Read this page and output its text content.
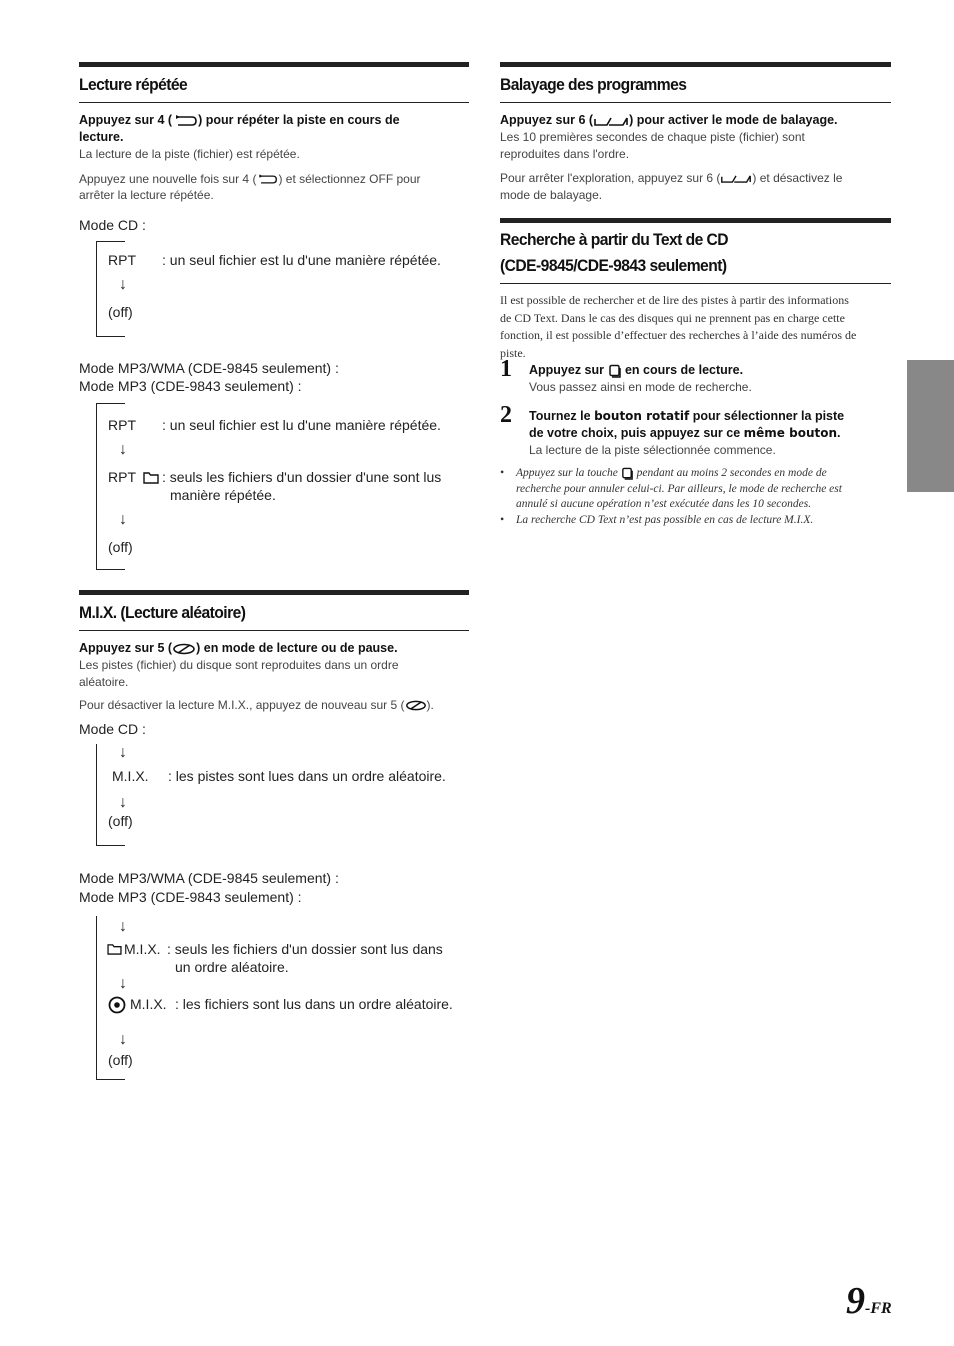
Lecture répétée
Appuyez sur 4 ( ) pour répéter la piste en cours de
lecture.
La lecture de la piste (fichier) est répétée.
Appuyez une nouvelle fois sur 4 ( ) et sélectionnez OFF pour
arrêter la lecture répétée.
Mode CD :
RPT : un seul fichier est lu d'une manière répétée.
↓
(off)
Mode MP3/WMA (CDE-9845 seulement) :
Mode MP3 (CDE-9843 seulement) :
RPT : un seul fichier est lu d'une manière répétée.
↓
RPT : seuls les fichiers d'un dossier d'une sont lus
manière répétée.
↓
(off)
M.I.X. (Lecture aléatoire)
Appuyez sur 5 ( ) en mode de lecture ou de pause.
Les pistes (fichier) du disque sont reproduites dans un ordre
aléatoire.
Pour désactiver la lecture M.I.X., appuyez de nouveau sur 5 ( ).
Mode CD :
↓
M.I.X. : les pistes sont lues dans un ordre aléatoire.
↓
(off)
Mode MP3/WMA (CDE-9845 seulement) :
Mode MP3 (CDE-9843 seulement) :
↓
M.I.X. : seuls les fichiers d'un dossier sont lus dans
un ordre aléatoire.
↓
M.I.X. : les fichiers sont lus dans un ordre aléatoire.
↓
(off)
Balayage des programmes
Appuyez sur 6 (	) pour activer le mode de balayage.
Les 10 premières secondes de chaque piste (fichier) sont
reproduites dans l'ordre.
Pour arrêter l'exploration, appuyez sur 6 (	) et désactivez le
mode de balayage.
Recherche à partir du Text de CD
(CDE-9845/CDE-9843 seulement)
Il est possible de rechercher et de lire des pistes à partir des informations
de CD Text. Dans le cas des disques qui ne prennent pas en charge cette
fonction, il est possible d’effectuer des recherches à l’aide des numéros de
piste.
1 Appuyez sur  en cours de lecture.
Vous passez ainsi en mode de recherche.
2 Tournez le bouton rotatif pour sélectionner la piste
de votre choix, puis appuyez sur ce même bouton.
La lecture de la piste sélectionnée commence.
• Appuyez sur la touche  pendant au moins 2 secondes en mode de
recherche pour annuler celui-ci. Par ailleurs, le mode de recherche est
annulé si aucune opération n’est exécutée dans les 10 secondes.
• La recherche CD Text n’est pas possible en cas de lecture M.I.X.
9-FR
